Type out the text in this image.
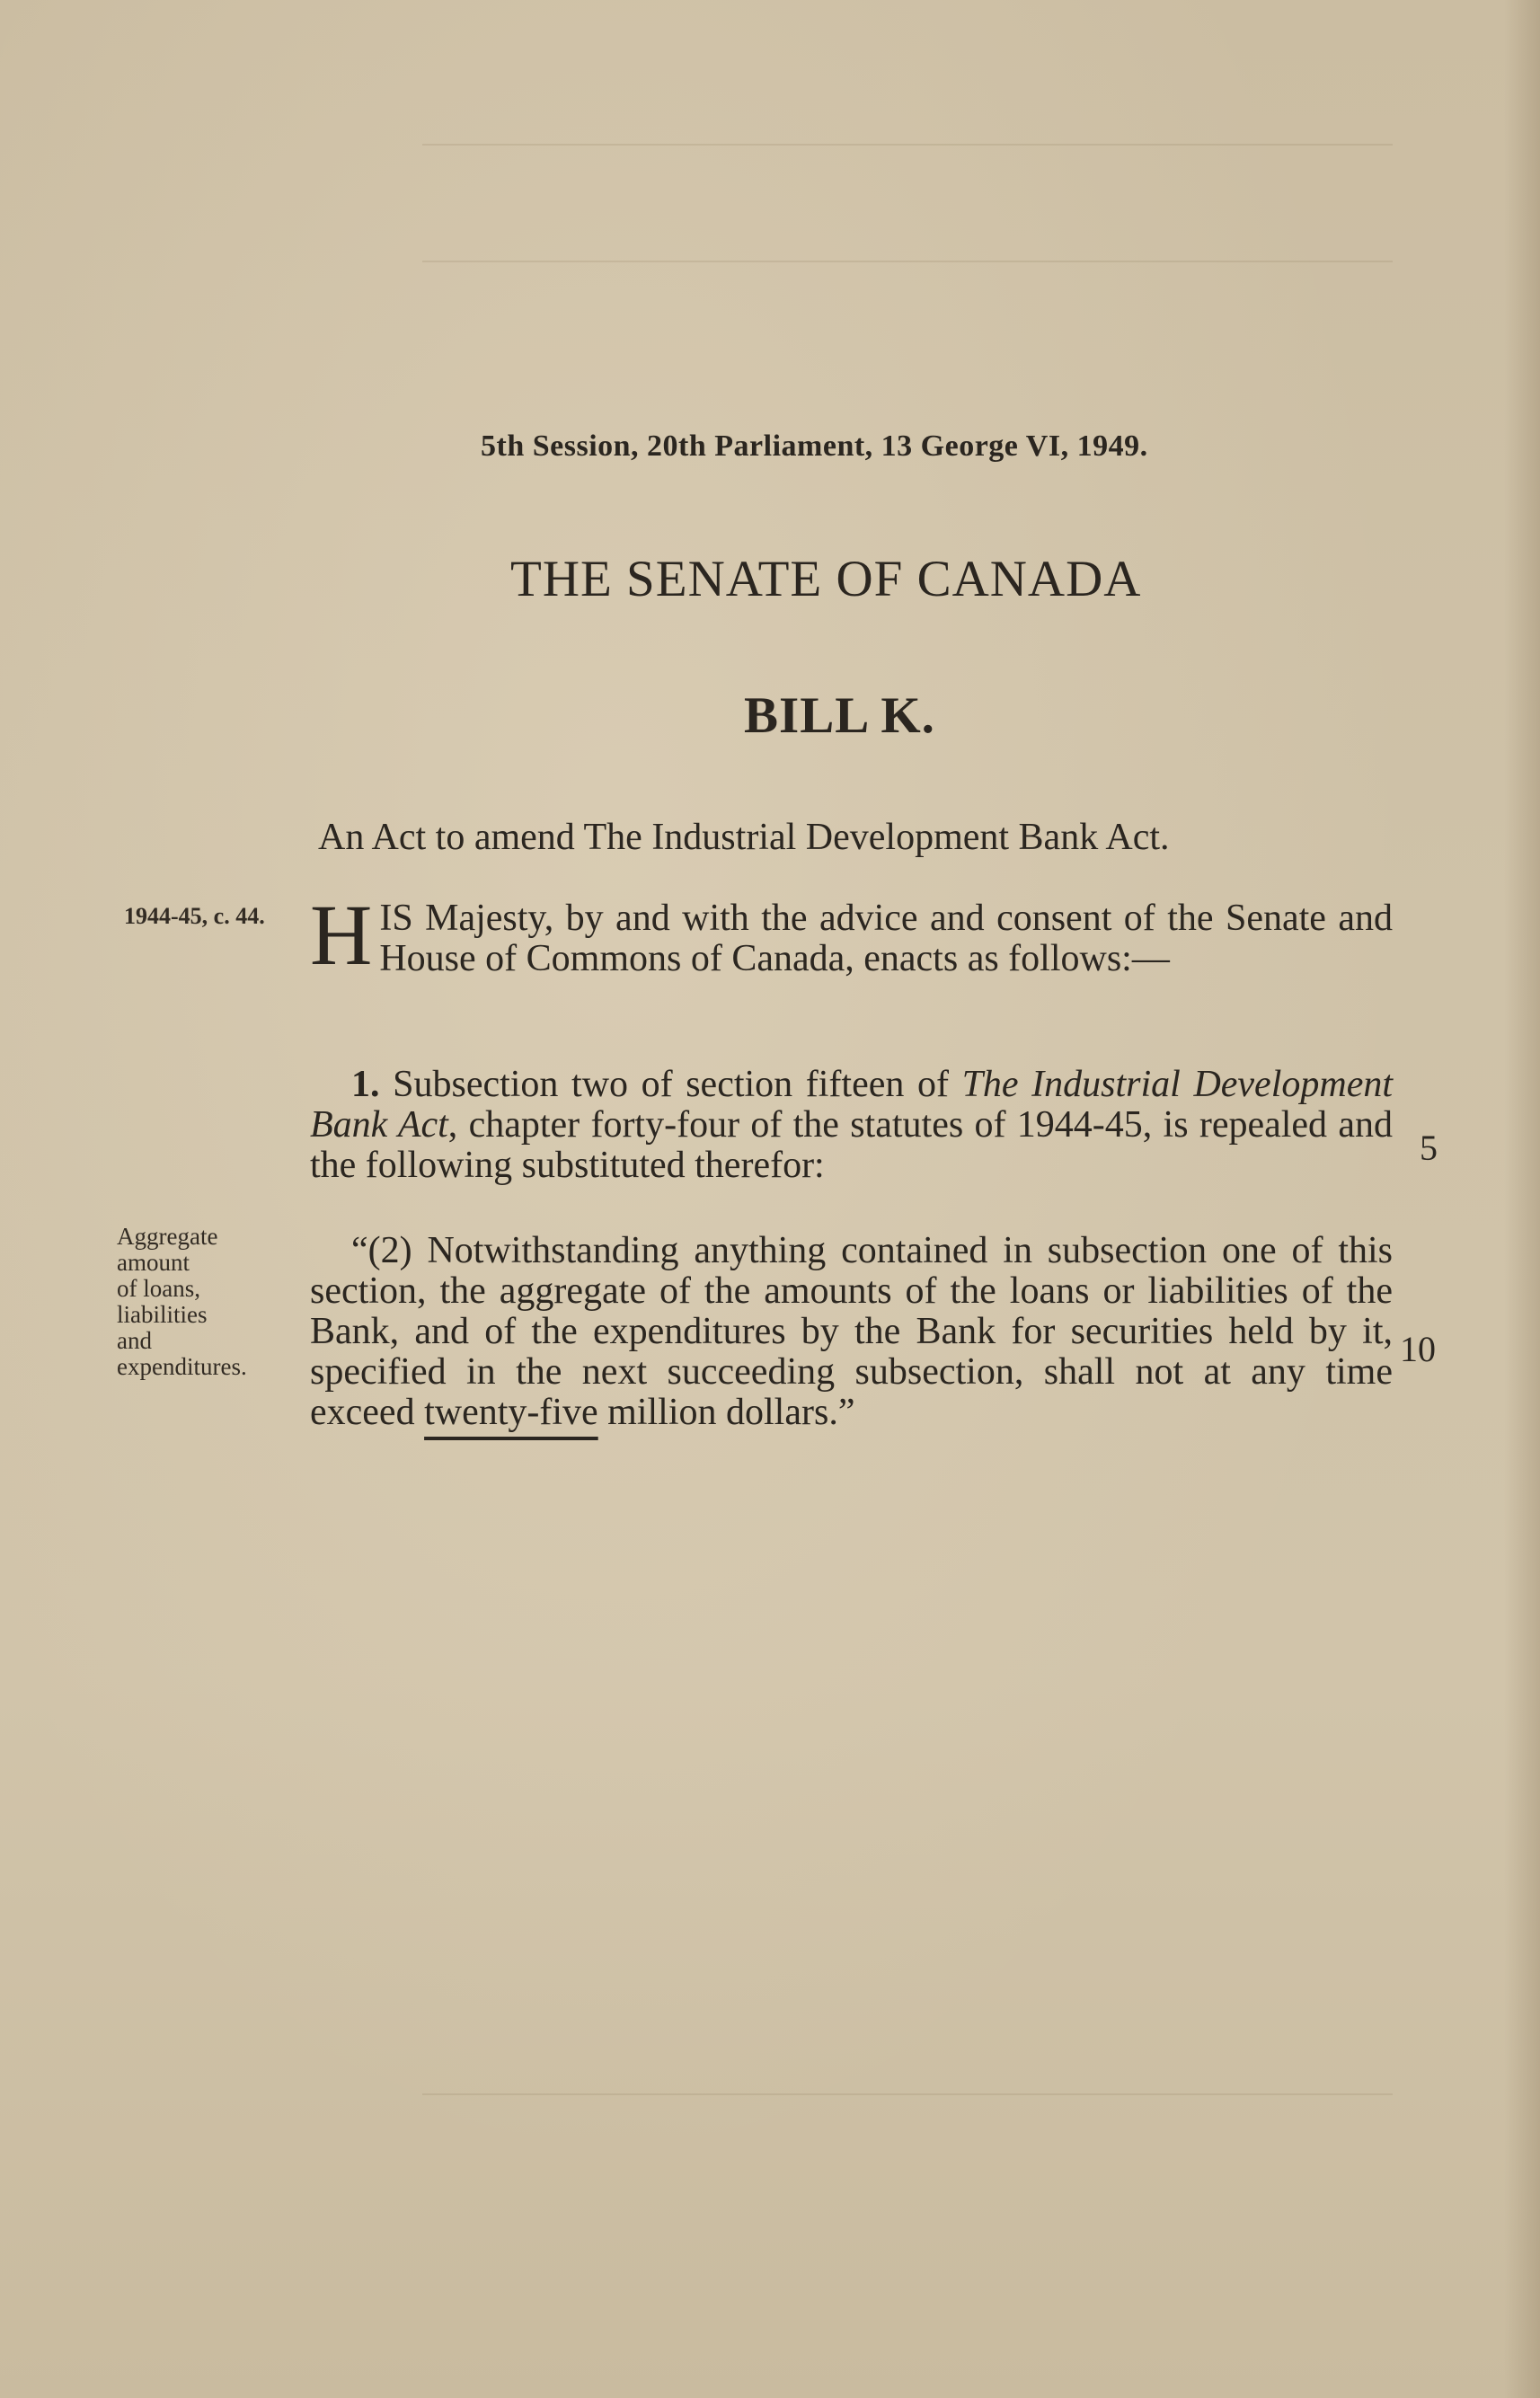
5th Session, 20th Parliament, 13 George VI, 1949.
THE SENATE OF CANADA
BILL K.
An Act to amend The Industrial Development Bank Act.
1944-45, c. 44.
Aggregate
amount
of loans,
liabilities
and
expenditures.
HIS Majesty, by and with the advice and consent of the Senate and House of Commons of Canada, enacts as follows:—
1. Subsection two of section fifteen of The Industrial Development Bank Act, chapter forty-four of the statutes of 1944-45, is repealed and the following substituted therefor:
“(2) Notwithstanding anything contained in subsection one of this section, the aggregate of the amounts of the loans or liabilities of the Bank, and of the expenditures by the Bank for securities held by it, specified in the next succeeding subsection, shall not at any time exceed twenty-five million dollars.”
5
10
